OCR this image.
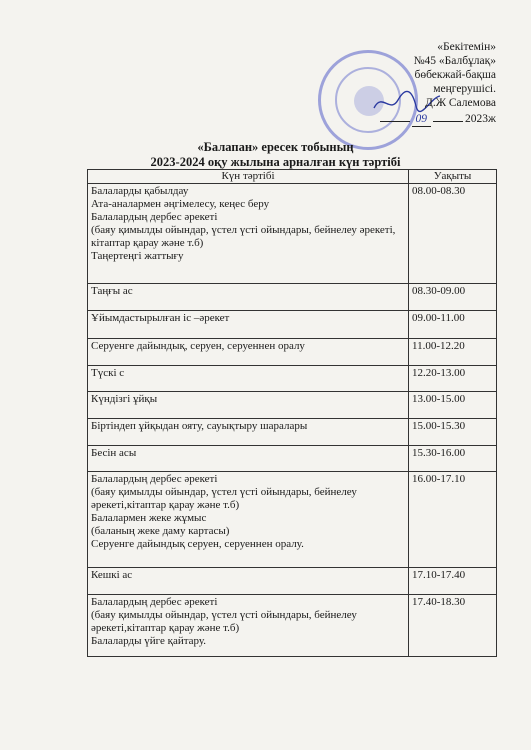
«Бекітемін»
№45 «Балбұлақ»
бөбекжай-бақша
меңгерушісі.
Д.Ж Салемова
09	2023ж
«Балапан» ересек тобының
2023-2024 оқу жылына арналған күн тәртібі
Күн тәртібі	Уақыты

Балаларды қабылдау
Ата-аналармен әңгімелесу, кеңес беру
Балалардың дербес әрекеті
(баяу қимылды ойындар, үстел үсті ойындары, бейнелеу әрекеті, кітаптар қарау және т.б)
Таңертеңгі жаттығу	08.00-08.30

Таңғы ас	08.30-09.00

Ұйымдастырылған іс –әрекет	09.00-11.00

Серуенге дайындық, серуен, серуеннен оралу	11.00-12.20

Түскі с	12.20-13.00

Күндізгі ұйқы	13.00-15.00

Біртіндеп ұйқыдан ояту, сауықтыру шаралары	15.00-15.30

Бесін асы	15.30-16.00

Балалардың дербес әрекеті
(баяу қимылды ойындар, үстел үсті ойындары, бейнелеу әрекеті,кітаптар қарау және т.б)
Балалармен жеке жұмыс
(баланың жеке даму картасы)
Серуенге дайындық серуен, серуеннен оралу.	16.00-17.10

Кешкі ас	17.10-17.40

Балалардың дербес әрекеті
(баяу қимылды ойындар, үстел үсті ойындары, бейнелеу әрекеті,кітаптар қарау және т.б)
Балаларды үйге қайтару.	17.40-18.30
